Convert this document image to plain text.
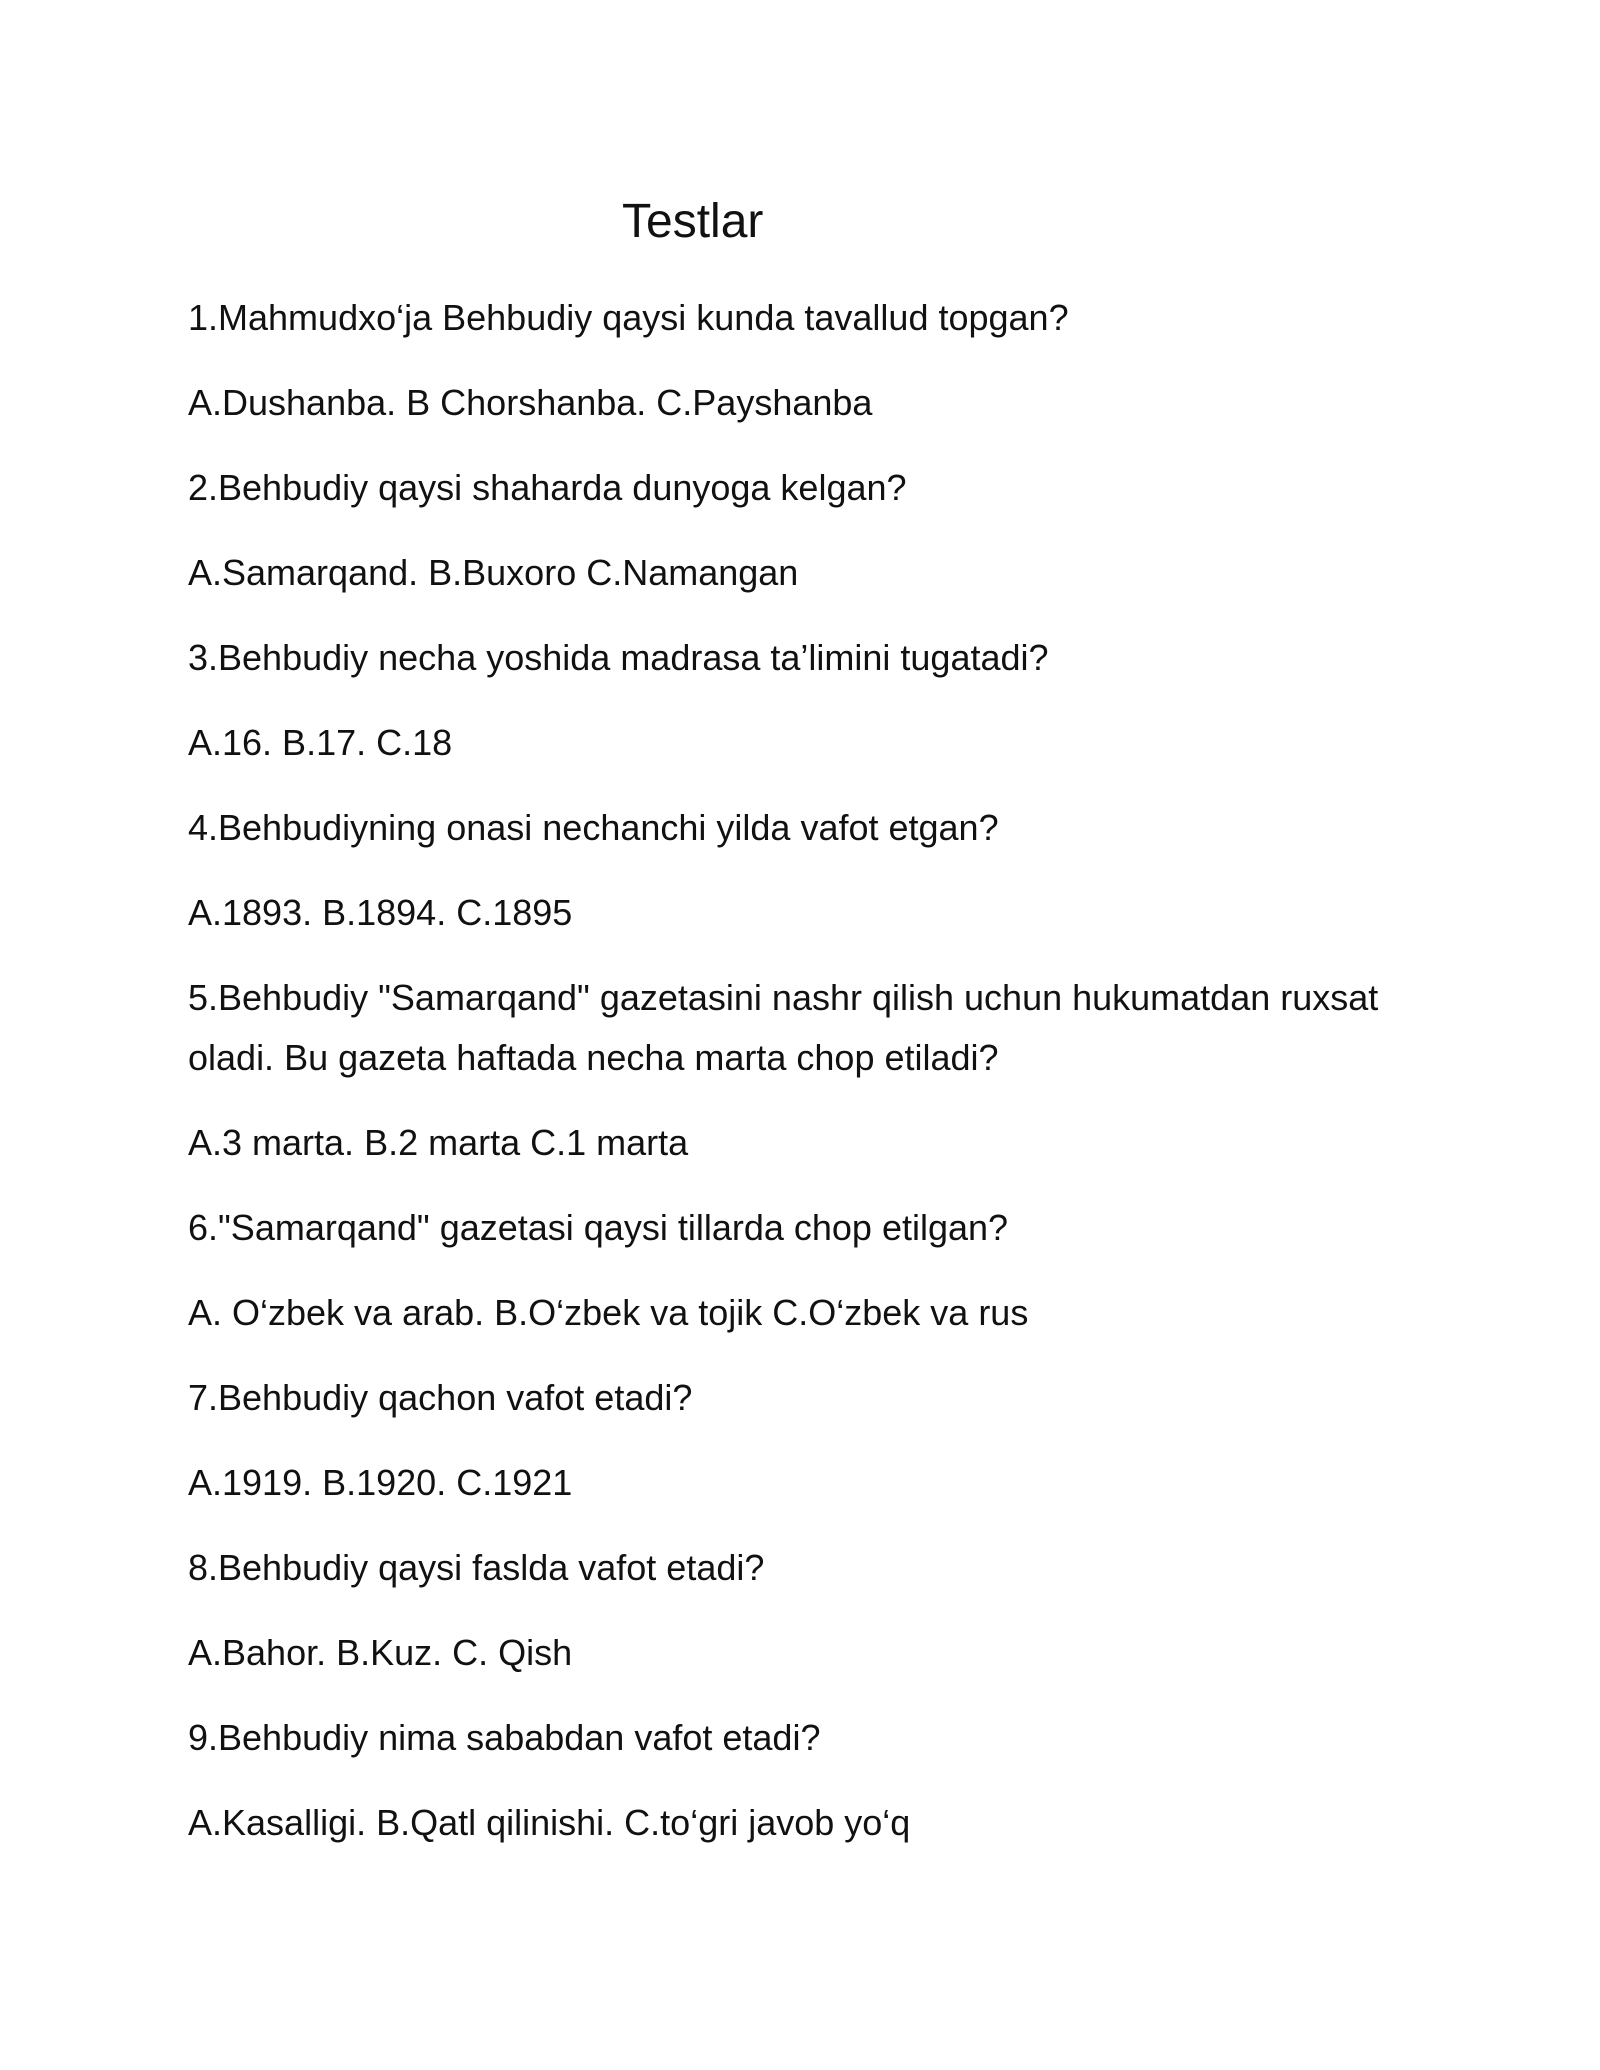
Testlar

1.Mahmudxo‘ja Behbudiy qaysi kunda tavallud topgan?

A.Dushanba. B Chorshanba. C.Payshanba

2.Behbudiy qaysi shaharda dunyoga kelgan?

A.Samarqand. B.Buxoro C.Namangan

3.Behbudiy necha yoshida madrasa ta’limini tugatadi?

A.16. B.17. C.18

4.Behbudiyning onasi nechanchi yilda vafot etgan?

A.1893. B.1894. C.1895

5.Behbudiy "Samarqand" gazetasini nashr qilish uchun hukumatdan ruxsat oladi. Bu gazeta haftada necha marta chop etiladi?

A.3 marta. B.2 marta C.1 marta

6."Samarqand" gazetasi qaysi tillarda chop etilgan?

A. O‘zbek va arab. B.O‘zbek va tojik C.O‘zbek va rus

7.Behbudiy qachon vafot etadi?

A.1919. B.1920. C.1921

8.Behbudiy qaysi faslda vafot etadi?

A.Bahor. B.Kuz. C. Qish

9.Behbudiy nima sababdan vafot etadi?

A.Kasalligi. B.Qatl qilinishi. C.to‘gri javob yo‘q
